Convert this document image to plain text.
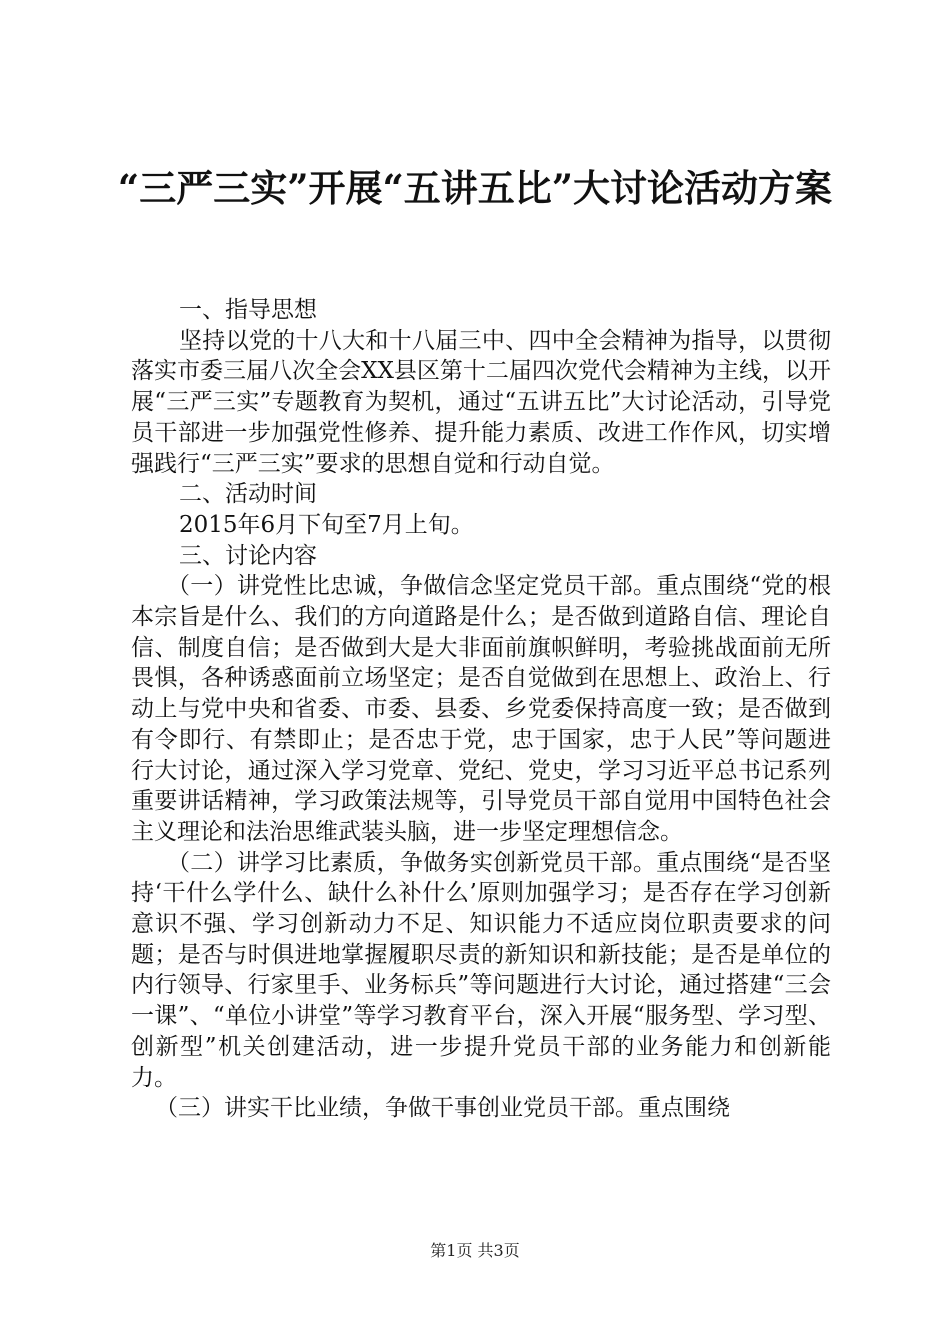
“三严三实”开展“五讲五比”大讨论活动方案

一、指导思想

坚持以党的十八大和十八届三中、四中全会精神为指导，以贯彻落实市委三届八次全会XX县区第十二届四次党代会精神为主线，以开展“三严三实”专题教育为契机，通过“五讲五比”大讨论活动，引导党员干部进一步加强党性修养、提升能力素质、改进工作作风，切实增强践行“三严三实”要求的思想自觉和行动自觉。

二、活动时间

2015年6月下旬至7月上旬。

三、讨论内容

（一）讲党性比忠诚，争做信念坚定党员干部。重点围绕“党的根本宗旨是什么、我们的方向道路是什么；是否做到道路自信、理论自信、制度自信；是否做到大是大非面前旗帜鲜明，考验挑战面前无所畏惧，各种诱惑面前立场坚定；是否自觉做到在思想上、政治上、行动上与党中央和省委、市委、县委、乡党委保持高度一致；是否做到有令即行、有禁即止；是否忠于党，忠于国家，忠于人民”等问题进行大讨论，通过深入学习党章、党纪、党史，学习习近平总书记系列重要讲话精神，学习政策法规等，引导党员干部自觉用中国特色社会主义理论和法治思维武装头脑，进一步坚定理想信念。

（二）讲学习比素质，争做务实创新党员干部。重点围绕“是否坚持‘干什么学什么、缺什么补什么’原则加强学习；是否存在学习创新意识不强、学习创新动力不足、知识能力不适应岗位职责要求的问题；是否与时俱进地掌握履职尽责的新知识和新技能；是否是单位的内行领导、行家里手、业务标兵”等问题进行大讨论，通过搭建“三会一课”、“单位小讲堂”等学习教育平台，深入开展“服务型、学习型、创新型”机关创建活动，进一步提升党员干部的业务能力和创新能力。

（三）讲实干比业绩，争做干事创业党员干部。重点围绕

第1页 共3页
